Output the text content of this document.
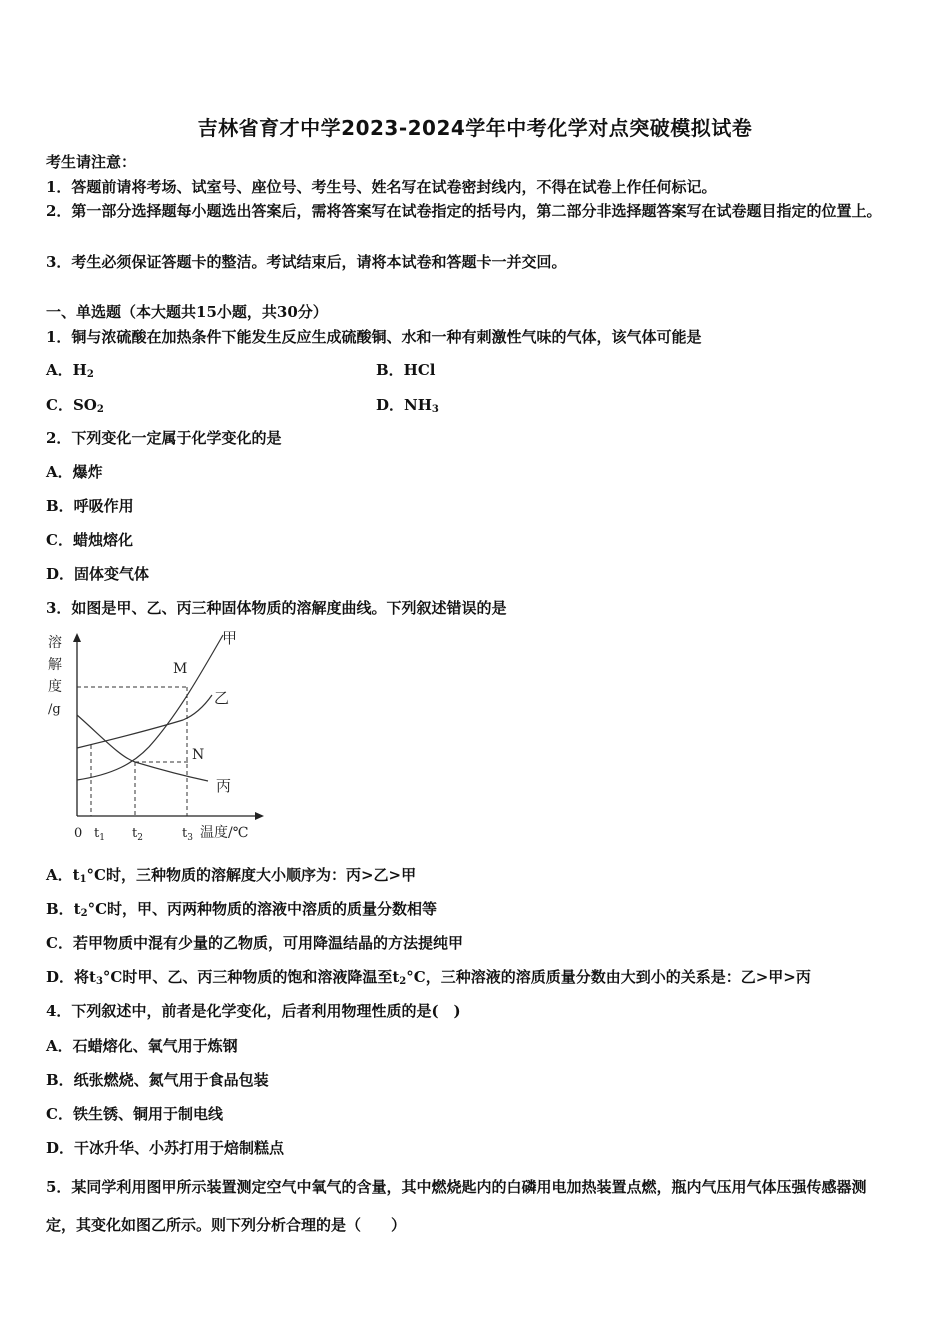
吉林省育才中学2023-2024学年中考化学对点突破模拟试卷
考生请注意：
1．答题前请将考场、试室号、座位号、考生号、姓名写在试卷密封线内，不得在试卷上作任何标记。
2．第一部分选择题每小题选出答案后，需将答案写在试卷指定的括号内，第二部分非选择题答案写在试卷题目指定的位置上。
3．考生必须保证答题卡的整洁。考试结束后，请将本试卷和答题卡一并交回。
一、单选题（本大题共15小题，共30分）
1．铜与浓硫酸在加热条件下能发生反应生成硫酸铜、水和一种有刺激性气味的气体，该气体可能是
A．$H_2$	B．HCl
C．$SO_2$	D．$NH_3$
2．下列变化一定属于化学变化的是
A．爆炸
B．呼吸作用
C．蜡烛熔化
D．固体变气体
3．如图是甲、乙、丙三种固体物质的溶解度曲线。下列叙述错误的是
溶
解
度
/g
甲
乙
丙
M
N
0 $t_1$ $t_2$	$t_3$ 温度/℃
A．$t_1^\circ C$时，三种物质的溶解度大小顺序为：丙>乙>甲
B．$t_2^\circ C$时，甲、丙两种物质的溶液中溶质的质量分数相等
C．若甲物质中混有少量的乙物质，可用降温结晶的方法提纯甲
D．将$t_3^\circ C$时甲、乙、丙三种物质的饱和溶液降温至$t_2^\circ C$，三种溶液的溶质质量分数由大到小的关系是：乙>甲>丙
4．下列叙述中，前者是化学变化，后者利用物理性质的是(　)
A．石蜡熔化、氧气用于炼钢
B．纸张燃烧、氮气用于食品包装
C．铁生锈、铜用于制电线
D．干冰升华、小苏打用于焙制糕点
5．某同学利用图甲所示装置测定空气中氧气的含量，其中燃烧匙内的白磷用电加热装置点燃，瓶内气压用气体压强传感器测定，其变化如图乙所示。则下列分析合理的是（　　）
